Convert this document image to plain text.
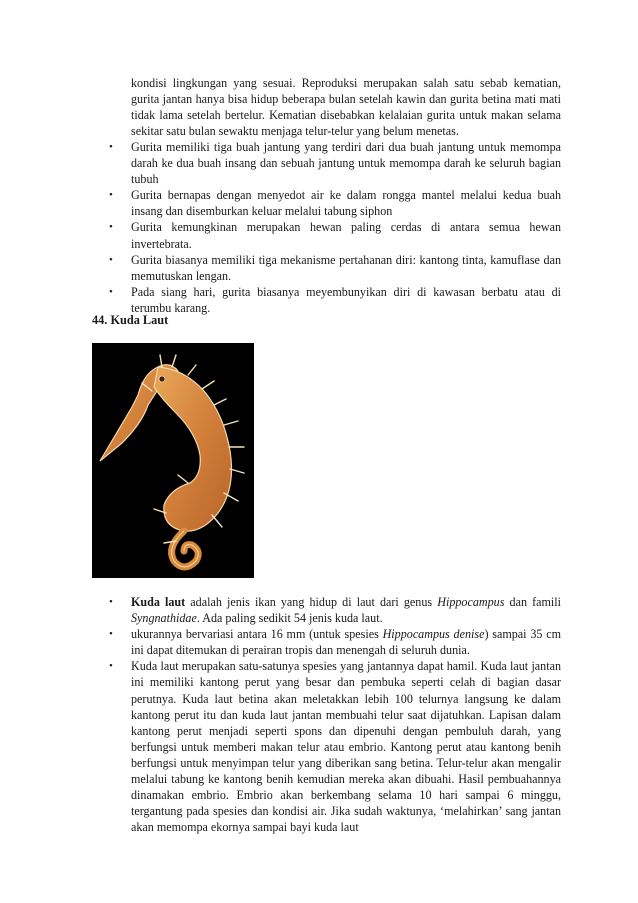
kondisi lingkungan yang sesuai. Reproduksi merupakan salah satu sebab kematian, gurita jantan hanya bisa hidup beberapa bulan setelah kawin dan gurita betina mati mati tidak lama setelah bertelur. Kematian disebabkan kelalaian gurita untuk makan selama sekitar satu bulan sewaktu menjaga telur-telur yang belum menetas.

• Gurita memiliki tiga buah jantung yang terdiri dari dua buah jantung untuk memompa darah ke dua buah insang dan sebuah jantung untuk memompa darah ke seluruh bagian tubuh
• Gurita bernapas dengan menyedot air ke dalam rongga mantel melalui kedua buah insang dan disemburkan keluar melalui tabung siphon
• Gurita kemungkinan merupakan hewan paling cerdas di antara semua hewan invertebrata.
• Gurita biasanya memiliki tiga mekanisme pertahanan diri: kantong tinta, kamuflase dan memutuskan lengan.
• Pada siang hari, gurita biasanya meyembunyikan diri di kawasan berbatu atau di terumbu karang.
44. Kuda Laut
• Kuda laut adalah jenis ikan yang hidup di laut dari genus Hippocampus dan famili Syngnathidae. Ada paling sedikit 54 jenis kuda laut.
• ukurannya bervariasi antara 16 mm (untuk spesies Hippocampus denise) sampai 35 cm ini dapat ditemukan di perairan tropis dan menengah di seluruh dunia.
• Kuda laut merupakan satu-satunya spesies yang jantannya dapat hamil. Kuda laut jantan ini memiliki kantong perut yang besar dan pembuka seperti celah di bagian dasar perutnya. Kuda laut betina akan meletakkan lebih 100 telurnya langsung ke dalam kantong perut itu dan kuda laut jantan membuahi telur saat dijatuhkan. Lapisan dalam kantong perut menjadi seperti spons dan dipenuhi dengan pembuluh darah, yang berfungsi untuk memberi makan telur atau embrio. Kantong perut atau kantong benih berfungsi untuk menyimpan telur yang diberikan sang betina. Telur-telur akan mengalir melalui tabung ke kantong benih kemudian mereka akan dibuahi. Hasil pembuahannya dinamakan embrio. Embrio akan berkembang selama 10 hari sampai 6 minggu, tergantung pada spesies dan kondisi air. Jika sudah waktunya, ‘melahirkan’ sang jantan akan memompa ekornya sampai bayi kuda laut
